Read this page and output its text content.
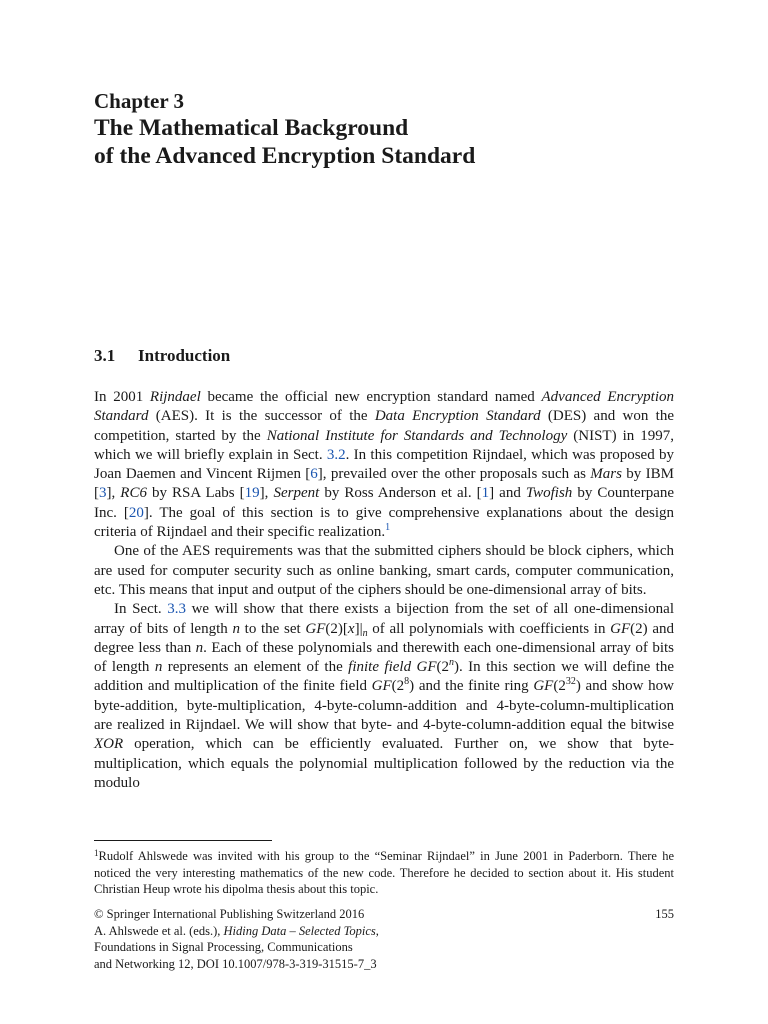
Chapter 3
The Mathematical Background
of the Advanced Encryption Standard
3.1 Introduction

In 2001 Rijndael became the official new encryption standard named Advanced Encryption Standard (AES). It is the successor of the Data Encryption Standard (DES) and won the competition, started by the National Institute for Standards and Technology (NIST) in 1997, which we will briefly explain in Sect. 3.2. In this competition Rijndael, which was proposed by Joan Daemen and Vincent Rijmen [6], prevailed over the other proposals such as Mars by IBM [3], RC6 by RSA Labs [19], Serpent by Ross Anderson et al. [1] and Twofish by Counterpane Inc. [20]. The goal of this section is to give comprehensive explanations about the design criteria of Rijndael and their specific realization.$^1$

One of the AES requirements was that the submitted ciphers should be block ciphers, which are used for computer security such as online banking, smart cards, computer communication, etc. This means that input and output of the ciphers should be one-dimensional array of bits.

In Sect. 3.3 we will show that there exists a bijection from the set of all one-dimensional array of bits of length n to the set $GF(2)[x]|_n$ of all polynomials with coefficients in GF(2) and degree less than n. Each of these polynomials and therewith each one-dimensional array of bits of length n represents an element of the finite field GF(2$^n$). In this section we will define the addition and multiplication of the finite field $GF(2^8)$ and the finite ring $GF(2^{32})$ and show how byte-addition, byte-multiplication, 4-byte-column-addition and 4-byte-column-multiplication are realized in Rijndael. We will show that byte- and 4-byte-column-addition equal the bitwise XOR operation, which can be efficiently evaluated. Further on, we show that byte-multiplication, which equals the polynomial multiplication followed by the reduction via the modulo

$^1$Rudolf Ahlswede was invited with his group to the “Seminar Rijndael” in June 2001 in Paderborn. There he noticed the very interesting mathematics of the new code. Therefore he decided to section about it. His student Christian Heup wrote his dipolma thesis about this topic.
© Springer International Publishing Switzerland 2016
A. Ahlswede et al. (eds.), Hiding Data – Selected Topics,
Foundations in Signal Processing, Communications
and Networking 12, DOI 10.1007/978-3-319-31515-7_3
155
